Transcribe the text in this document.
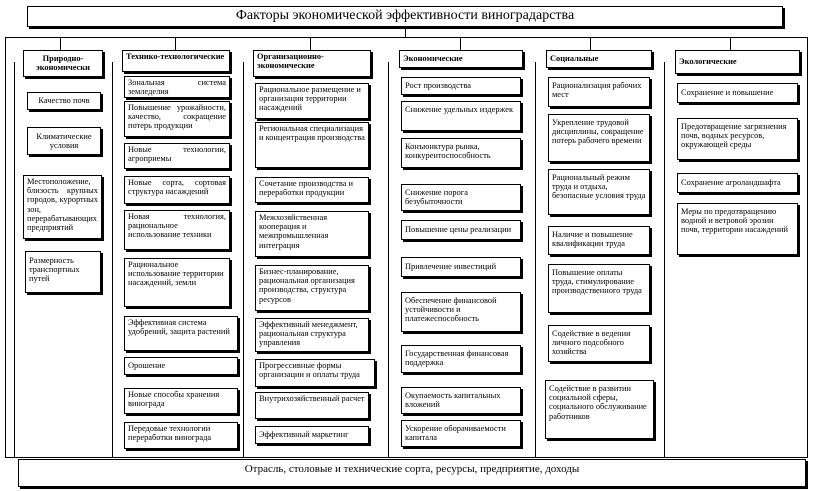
Факторы экономической эффективности виноградарства
Природно-экономически
Качество почв
Климатические условия
Местоположение, близость крупных городов, курортных зон, перерабатывающих предприятий
Размерность транспортных путей
Технико-технологические
Зональная система земледелия
Повышение урожайности, качество, сокращение потерь продукции
Новые технологии, агроприемы
Новые сорта, сортовая структура насаждений
Новая технология, рациональное использование техники
Рациональное использование территории насаждений, земли
Эффективная система удобрений, защита растений
Орошение
Новые способы хранения винограда
Передовые технологии переработки винограда
Организационно-экономические
Рациональное размещение и организация территории насаждений
Региональная специализация и концентрация производства
Сочетание производства и переработки продукции
Межхозяйственная кооперация и межпромышленная интеграция
Бизнес-планирование, рациональная организация производства, структура ресурсов
Эффективный менеджмент, рациональная структура управления
Прогрессивные формы организации и оплаты труда
Внутрихозяйственный расчет
Эффективный маркетинг
Экономические
Рост производства
Снижение удельных издержек
Конъюнктура рынка, конкурентоспособность
Снижение порога безубыточности
Повышение цены реализации
Привлечение инвестиций
Обеспечение финансовой устойчивости и платежеспособность
Государственная финансовая поддержка
Окупаемость капитальных вложений
Ускорение оборачиваемости капитала
Социальные
Рационализация рабочих мест
Укрепление трудовой дисциплины, сокращение потерь рабочего времени
Рациональный режим труда и отдыха, безопасные условия труда
Наличие и повышение квалификации труда
Повышение оплаты труда, стимулирование производственного труда
Содействие в ведении личного подсобного хозяйства
Содействие в развитии социальной сферы, социального обслуживание работников
Экологические
Сохранение и повышение
Предотвращение загрязнения почв, водных ресурсов, окружающей среды
Сохранение агроландшафта
Меры по предотвращению водной и ветровой эрозии почв, территории насаждений
Отрасль, столовые и технические сорта, ресурсы, предприятие, доходы
